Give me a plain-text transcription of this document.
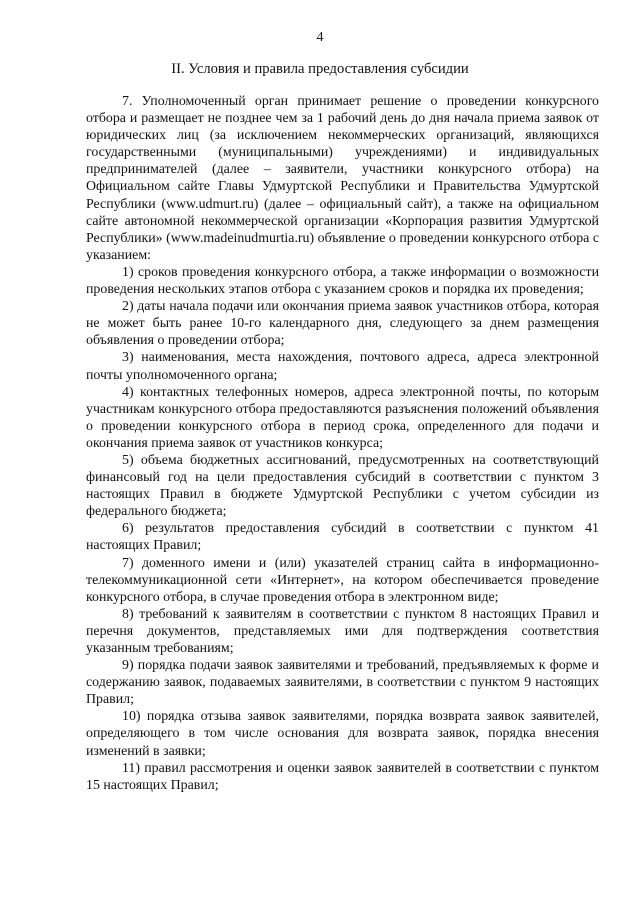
4
II. Условия и правила предоставления субсидии

7. Уполномоченный орган принимает решение о проведении конкурсного отбора и размещает не позднее чем за 1 рабочий день до дня начала приема заявок от юридических лиц (за исключением некоммерческих организаций, являющихся государственными (муниципальными) учреждениями) и индивидуальных предпринимателей (далее – заявители, участники конкурсного отбора) на Официальном сайте Главы Удмуртской Республики и Правительства Удмуртской Республики (www.udmurt.ru) (далее – официальный сайт), а также на официальном сайте автономной некоммерческой организации «Корпорация развития Удмуртской Республики» (www.madeinudmurtia.ru) объявление о проведении конкурсного отбора с указанием:

1) сроков проведения конкурсного отбора, а также информации о возможности проведения нескольких этапов отбора с указанием сроков и порядка их проведения;

2) даты начала подачи или окончания приема заявок участников отбора, которая не может быть ранее 10-го календарного дня, следующего за днем размещения объявления о проведении отбора;

3) наименования, места нахождения, почтового адреса, адреса электронной почты уполномоченного органа;

4) контактных телефонных номеров, адреса электронной почты, по которым участникам конкурсного отбора предоставляются разъяснения положений объявления о проведении конкурсного отбора в период срока, определенного для подачи и окончания приема заявок от участников конкурса;

5) объема бюджетных ассигнований, предусмотренных на соответствующий финансовый год на цели предоставления субсидий в соответствии с пунктом 3 настоящих Правил в бюджете Удмуртской Республики с учетом субсидии из федерального бюджета;

6) результатов предоставления субсидий в соответствии с пунктом 41 настоящих Правил;

7) доменного имени и (или) указателей страниц сайта в информационно-телекоммуникационной сети «Интернет», на котором обеспечивается проведение конкурсного отбора, в случае проведения отбора в электронном виде;

8) требований к заявителям в соответствии с пунктом 8 настоящих Правил и перечня документов, представляемых ими для подтверждения соответствия указанным требованиям;

9) порядка подачи заявок заявителями и требований, предъявляемых к форме и содержанию заявок, подаваемых заявителями, в соответствии с пунктом 9 настоящих Правил;

10) порядка отзыва заявок заявителями, порядка возврата заявок заявителей, определяющего в том числе основания для возврата заявок, порядка внесения изменений в заявки;

11) правил рассмотрения и оценки заявок заявителей в соответствии с пунктом 15 настоящих Правил;
